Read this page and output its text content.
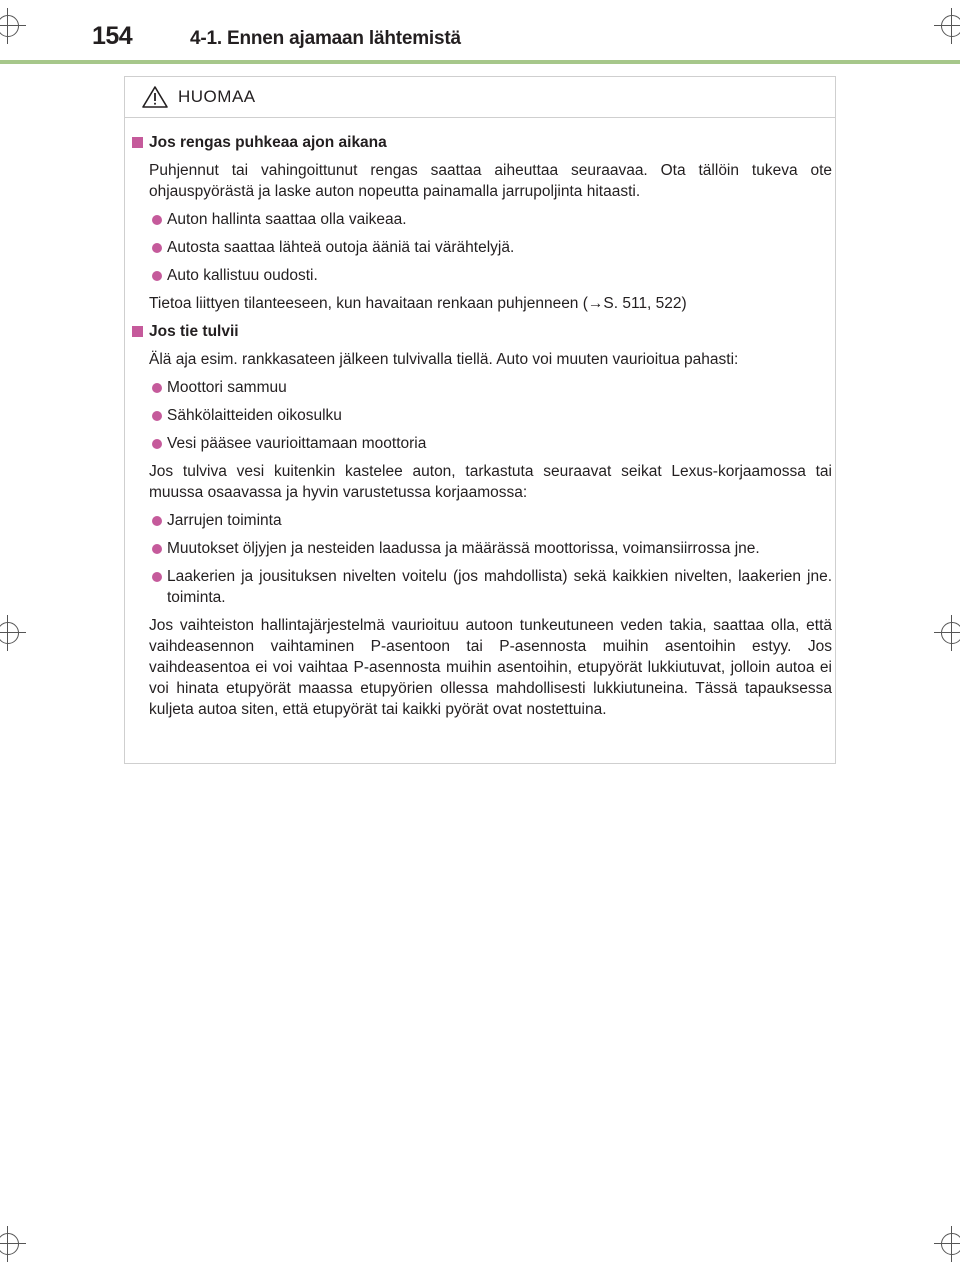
154	4-1. Ennen ajamaan lähtemistä
HUOMAA
Jos rengas puhkeaa ajon aikana
Puhjennut tai vahingoittunut rengas saattaa aiheuttaa seuraavaa. Ota tällöin tukeva ote ohjauspyörästä ja laske auton nopeutta painamalla jarrupoljinta hitaasti.
Auton hallinta saattaa olla vaikeaa.
Autosta saattaa lähteä outoja ääniä tai värähtelyjä.
Auto kallistuu oudosti.
Tietoa liittyen tilanteeseen, kun havaitaan renkaan puhjenneen (→S. 511, 522)
Jos tie tulvii
Älä aja esim. rankkasateen jälkeen tulvivalla tiellä. Auto voi muuten vaurioitua pahasti:
Moottori sammuu
Sähkölaitteiden oikosulku
Vesi pääsee vaurioittamaan moottoria
Jos tulviva vesi kuitenkin kastelee auton, tarkastuta seuraavat seikat Lexus-korjaamossa tai muussa osaavassa ja hyvin varustetussa korjaamossa:
Jarrujen toiminta
Muutokset öljyjen ja nesteiden laadussa ja määrässä moottorissa, voimansiirrossa jne.
Laakerien ja jousituksen nivelten voitelu (jos mahdollista) sekä kaikkien nivelten, laakerien jne. toiminta.
Jos vaihteiston hallintajärjestelmä vaurioituu autoon tunkeutuneen veden takia, saattaa olla, että vaihdeasennon vaihtaminen P-asentoon tai P-asennosta muihin asentoihin estyy. Jos vaihdeasentoa ei voi vaihtaa P-asennosta muihin asentoihin, etupyörät lukkiutuvat, jolloin autoa ei voi hinata etupyörät maassa etupyörien ollessa mahdollisesti lukkiutuneina. Tässä tapauksessa kuljeta autoa siten, että etupyörät tai kaikki pyörät ovat nostettuina.
